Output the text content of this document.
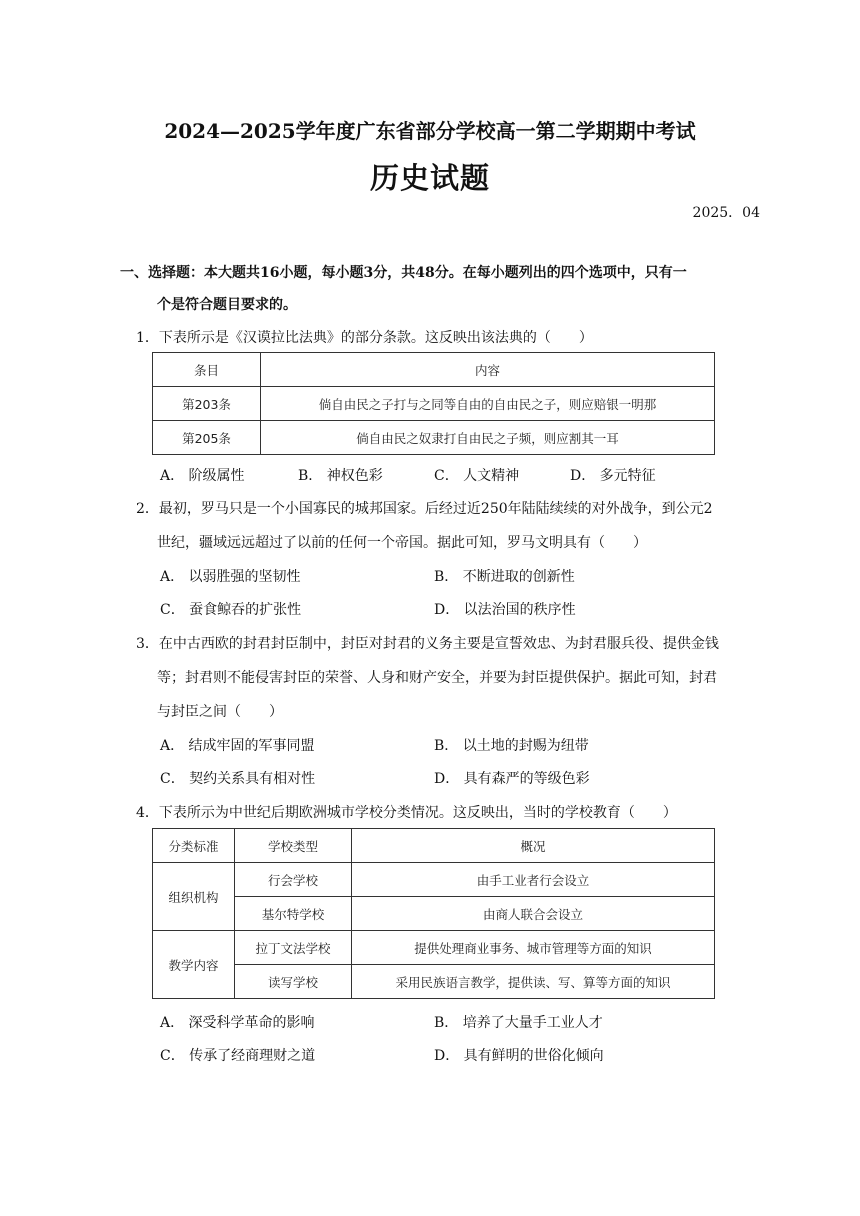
2024—2025学年度广东省部分学校高一第二学期期中考试
历史试题
2025．04
一、选择题：本大题共16小题，每小题3分，共48分。在每小题列出的四个选项中，只有一
个是符合题目要求的。
1．下表所示是《汉谟拉比法典》的部分条款。这反映出该法典的（　　）
条目	内容
第203条	倘自由民之子打与之同等自由的自由民之子，则应赔银一明那
第205条	倘自由民之奴隶打自由民之子频，则应割其一耳
A． 阶级属性	B． 神权色彩	C． 人文精神	D． 多元特征
2．最初，罗马只是一个小国寡民的城邦国家。后经过近250年陆陆续续的对外战争，到公元2
世纪，疆域远远超过了以前的任何一个帝国。据此可知，罗马文明具有（　　）
A． 以弱胜强的坚韧性	B． 不断进取的创新性
C． 蚕食鲸吞的扩张性	D． 以法治国的秩序性
3．在中古西欧的封君封臣制中，封臣对封君的义务主要是宣誓效忠、为封君服兵役、提供金钱
等；封君则不能侵害封臣的荣誉、人身和财产安全，并要为封臣提供保护。据此可知，封君
与封臣之间（　　）
A． 结成牢固的军事同盟	B． 以土地的封赐为纽带
C． 契约关系具有相对性	D． 具有森严的等级色彩
4．下表所示为中世纪后期欧洲城市学校分类情况。这反映出，当时的学校教育（　　）
分类标准	学校类型	概况
组织机构	行会学校	由手工业者行会设立
	基尔特学校	由商人联合会设立
教学内容	拉丁文法学校	提供处理商业事务、城市管理等方面的知识
	读写学校	采用民族语言教学，提供读、写、算等方面的知识
A． 深受科学革命的影响	B． 培养了大量手工业人才
C． 传承了经商理财之道	D． 具有鲜明的世俗化倾向
